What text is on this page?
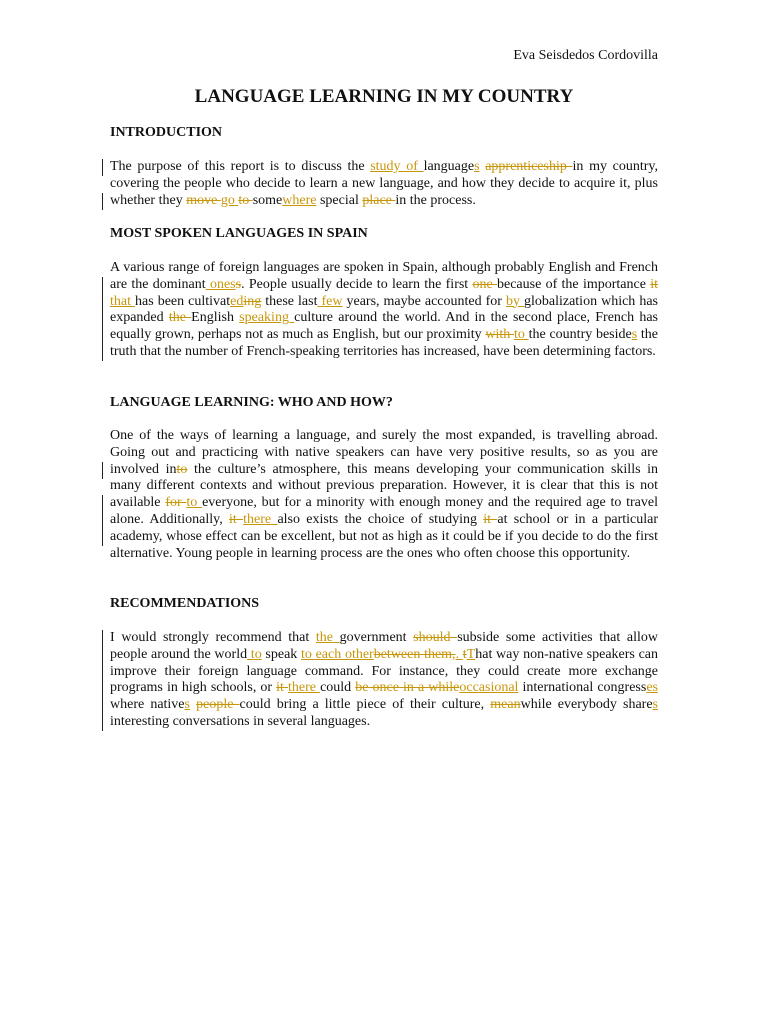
Eva Seisdedos Cordovilla
LANGUAGE LEARNING IN MY COUNTRY
INTRODUCTION

The purpose of this report is to discuss the study of languages apprenticeship in my country, covering the people who decide to learn a new language, and how they decide to acquire it, plus whether they move go to somewhere special place in the process.

MOST SPOKEN LANGUAGES IN SPAIN

A various range of foreign languages are spoken in Spain, although probably English and French are the dominant oness. People usually decide to learn the first one because of the importance it that has been cultivateding these last few years, maybe accounted for by globalization which has expanded the English speaking culture around the world. And in the second place, French has equally grown, perhaps not as much as English, but our proximity with to the country besides the truth that the number of French-speaking territories has increased, have been determining factors.

LANGUAGE LEARNING: WHO AND HOW?

One of the ways of learning a language, and surely the most expanded, is travelling abroad. Going out and practicing with native speakers can have very positive results, so as you are involved into the culture’s atmosphere, this means developing your communication skills in many different contexts and without previous preparation. However, it is clear that this is not available for to everyone, but for a minority with enough money and the required age to travel alone. Additionally, it there also exists the choice of studying it at school or in a particular academy, whose effect can be excellent, but not as high as it could be if you decide to do the first alternative. Young people in learning process are the ones who often choose this opportunity.

RECOMMENDATIONS

I would strongly recommend that the government should subside some activities that allow people around the world to speak to each otherbetween them,. tThat way non-native speakers can improve their foreign language command. For instance, they could create more exchange programs in high schools, or it there could be once in a whileoccasional international congresses where natives people could bring a little piece of their culture, meanwhile everybody shares interesting conversations in several languages.
